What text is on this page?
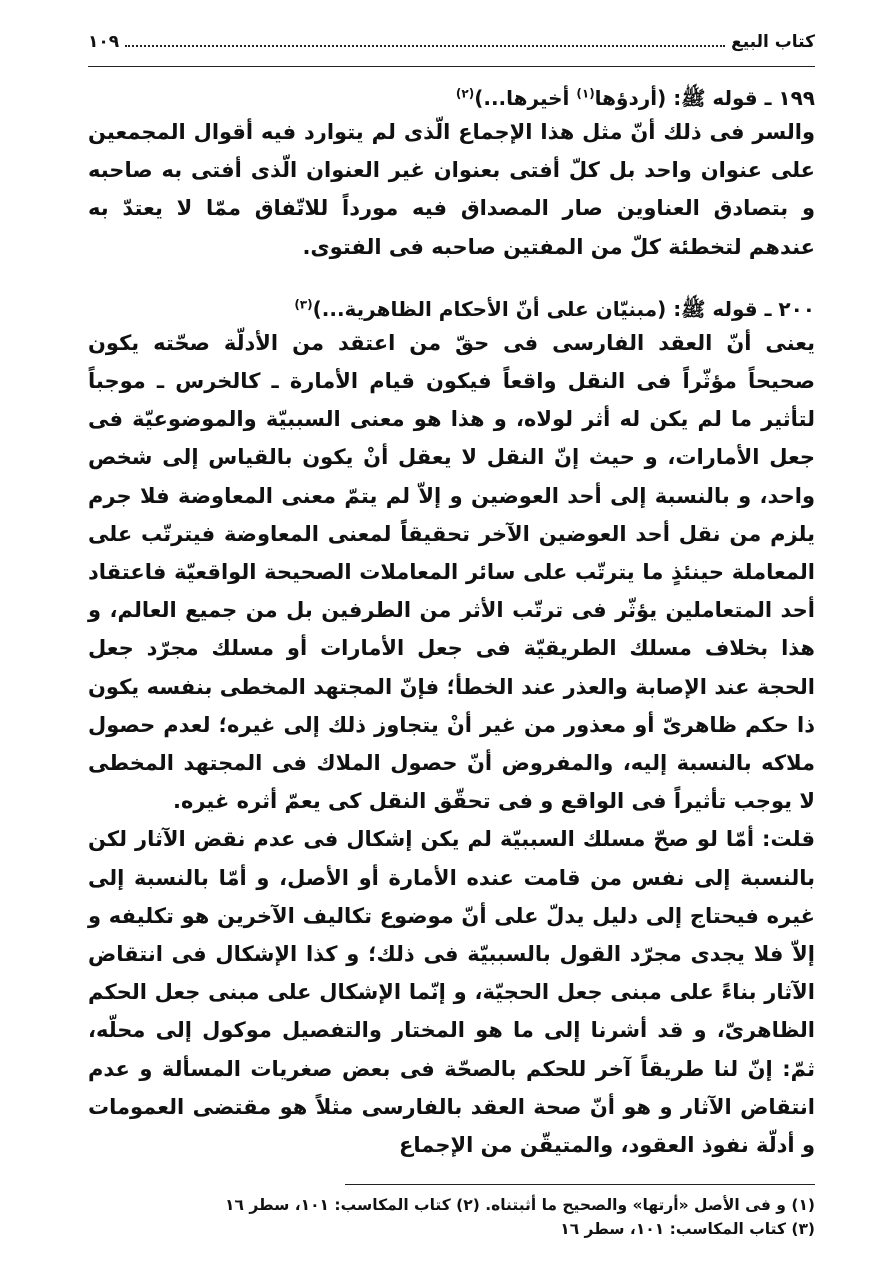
كتاب البيع
١٠٩

١٩٩ ـ قوله ﷺ: (أردؤها$^{(١)}$ أخيرها...)$^{(٢)}$

والسر فى ذلك أنّ مثل هذا الإجماع الّذى لم يتوارد فيه أقوال المجمعين على عنوان واحد بل كلّ أفتى بعنوان غير العنوان الّذى أفتى به صاحبه و بتصادق العناوين صار المصداق فيه مورداً للاتّفاق ممّا لا يعتدّ به عندهم لتخطئة كلّ من المفتين صاحبه فى الفتوى.

٢٠٠ ـ قوله ﷺ: (مبنيّان على أنّ الأحكام الظاهرية...)$^{(٣)}$

يعنى أنّ العقد الفارسى فى حقّ من اعتقد من الأدلّة صحّته يكون صحيحاً مؤثّراً فى النقل واقعاً فيكون قيام الأمارة ـ كالخرس ـ موجباً لتأثير ما لم يكن له أثر لولاه، و هذا هو معنى السببيّة والموضوعيّة فى جعل الأمارات، و حيث إنّ النقل لا يعقل أنْ يكون بالقياس إلى شخص واحد، و بالنسبة إلى أحد العوضين و إلاّ لم يتمّ معنى المعاوضة فلا جرم يلزم من نقل أحد العوضين الآخر تحقيقاً لمعنى المعاوضة فيترتّب على المعاملة حينئذٍ ما يترتّب على سائر المعاملات الصحيحة الواقعيّة فاعتقاد أحد المتعاملين يؤثّر فى ترتّب الأثر من الطرفين بل من جميع العالم، و هذا بخلاف مسلك الطريقيّة فى جعل الأمارات أو مسلك مجرّد جعل الحجة عند الإصابة والعذر عند الخطأ؛ فإنّ المجتهد المخطى بنفسه يكون ذا حكم ظاهرىّ أو معذور من غير أنْ يتجاوز ذلك إلى غيره؛ لعدم حصول ملاكه بالنسبة إليه، والمفروض أنّ حصول الملاك فى المجتهد المخطى لا يوجب تأثيراً فى الواقع و فى تحقّق النقل كى يعمّ أثره غيره.

قلت: أمّا لو صحّ مسلك السببيّة لم يكن إشكال فى عدم نقض الآثار لكن بالنسبة إلى نفس من قامت عنده الأمارة أو الأصل، و أمّا بالنسبة إلى غيره فيحتاج إلى دليل يدلّ على أنّ موضوع تكاليف الآخرين هو تكليفه و إلاّ فلا يجدى مجرّد القول بالسببيّة فى ذلك؛ و كذا الإشكال فى انتقاض الآثار بناءً على مبنى جعل الحجيّة، و إنّما الإشكال على مبنى جعل الحكم الظاهرىّ، و قد أشرنا إلى ما هو المختار والتفصيل موكول إلى محلّه، ثمّ: إنّ لنا طريقاً آخر للحكم بالصحّة فى بعض صغريات المسألة و عدم انتقاض الآثار و هو أنّ صحة العقد بالفارسى مثلاً هو مقتضى العمومات و أدلّة نفوذ العقود، والمتيقّن من الإجماع

(١) و فى الأصل «أرتها» والصحيح ما أثبتناه. (٢) كتاب المكاسب: ١٠١، سطر ١٦

(٣) كتاب المكاسب: ١٠١، سطر ١٦
